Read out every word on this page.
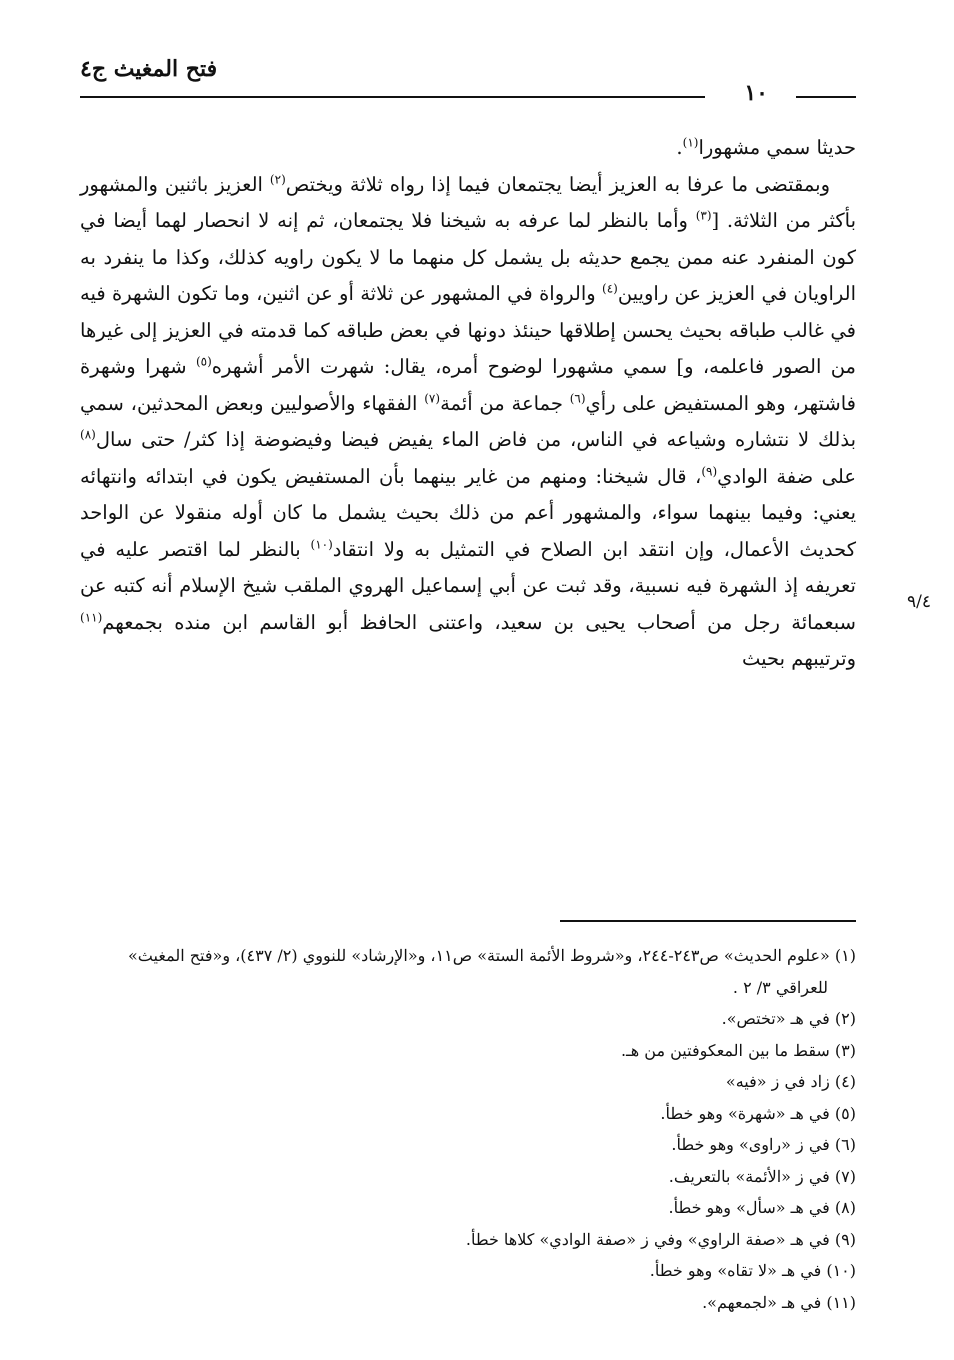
فتح المغيث ج٤
١٠
٩/٤

حديثا سمي مشهورا$^{(١)}$.

وبمقتضى ما عرفا به العزيز أيضا يجتمعان فيما إذا رواه ثلاثة ويختص$^{(٢)}$ العزيز باثنين والمشهور بأكثر من الثلاثة. [$^{(٣)}$ وأما بالنظر لما عرفه به شيخنا فلا يجتمعان، ثم إنه لا انحصار لهما أيضا في كون المنفرد عنه ممن يجمع حديثه بل يشمل كل منهما ما لا يكون راويه كذلك، وكذا ما ينفرد به الراويان في العزيز عن راويين$^{(٤)}$ والرواة في المشهور عن ثلاثة أو عن اثنين، وما تكون الشهرة فيه في غالب طباقه بحيث يحسن إطلاقها حينئذ دونها في بعض طباقه كما قدمته في العزيز إلى غيرها من الصور فاعلمه، و] سمي مشهورا لوضوح أمره، يقال: شهرت الأمر أشهره$^{(٥)}$ شهرا وشهرة فاشتهر، وهو المستفيض على رأي$^{(٦)}$ جماعة من أئمة$^{(٧)}$ الفقهاء والأصوليين وبعض المحدثين، سمي بذلك لا نتشاره وشياعه في الناس، من فاض الماء يفيض فيضا وفيضوضة إذا كثر/ حتى سال$^{(٨)}$ على ضفة الوادي$^{(٩)}$، قال شيخنا: ومنهم من غاير بينهما بأن المستفيض يكون في ابتدائه وانتهائه يعني: وفيما بينهما سواء، والمشهور أعم من ذلك بحيث يشمل ما كان أوله منقولا عن الواحد كحديث الأعمال، وإن انتقد ابن الصلاح في التمثيل به ولا انتقاد$^{(١٠)}$ بالنظر لما اقتصر عليه في تعريفه إذ الشهرة فيه نسبية، وقد ثبت عن أبي إسماعيل الهروي الملقب شيخ الإسلام أنه كتبه عن سبعمائة رجل من أصحاب يحيى بن سعيد، واعتنى الحافظ أبو القاسم ابن منده بجمعهم$^{(١١)}$ وترتيبهم بحيث

(١) «علوم الحديث» ص٢٤٣-٢٤٤، و«شروط الأئمة الستة» ص١١، و«الإرشاد» للنووي (٢/ ٤٣٧)، و«فتح المغيث» للعراقي ٣/ ٢ .

(٢) في هـ «تختص».

(٣) سقط ما بين المعكوفتين من هـ.

(٤) زاد في ز «فيه»

(٥) في هـ «شهرة» وهو خطأ.

(٦) في ز «راوى» وهو خطأ.

(٧) في ز «الأئمة» بالتعريف.

(٨) في هـ «سأل» وهو خطأ.

(٩) في هـ «صفة الراوي» وفي ز «صفة الوادي» كلاها خطأ.

(١٠) في هـ «لا تقاه» وهو خطأ.

(١١) في هـ «لجمعهم».
